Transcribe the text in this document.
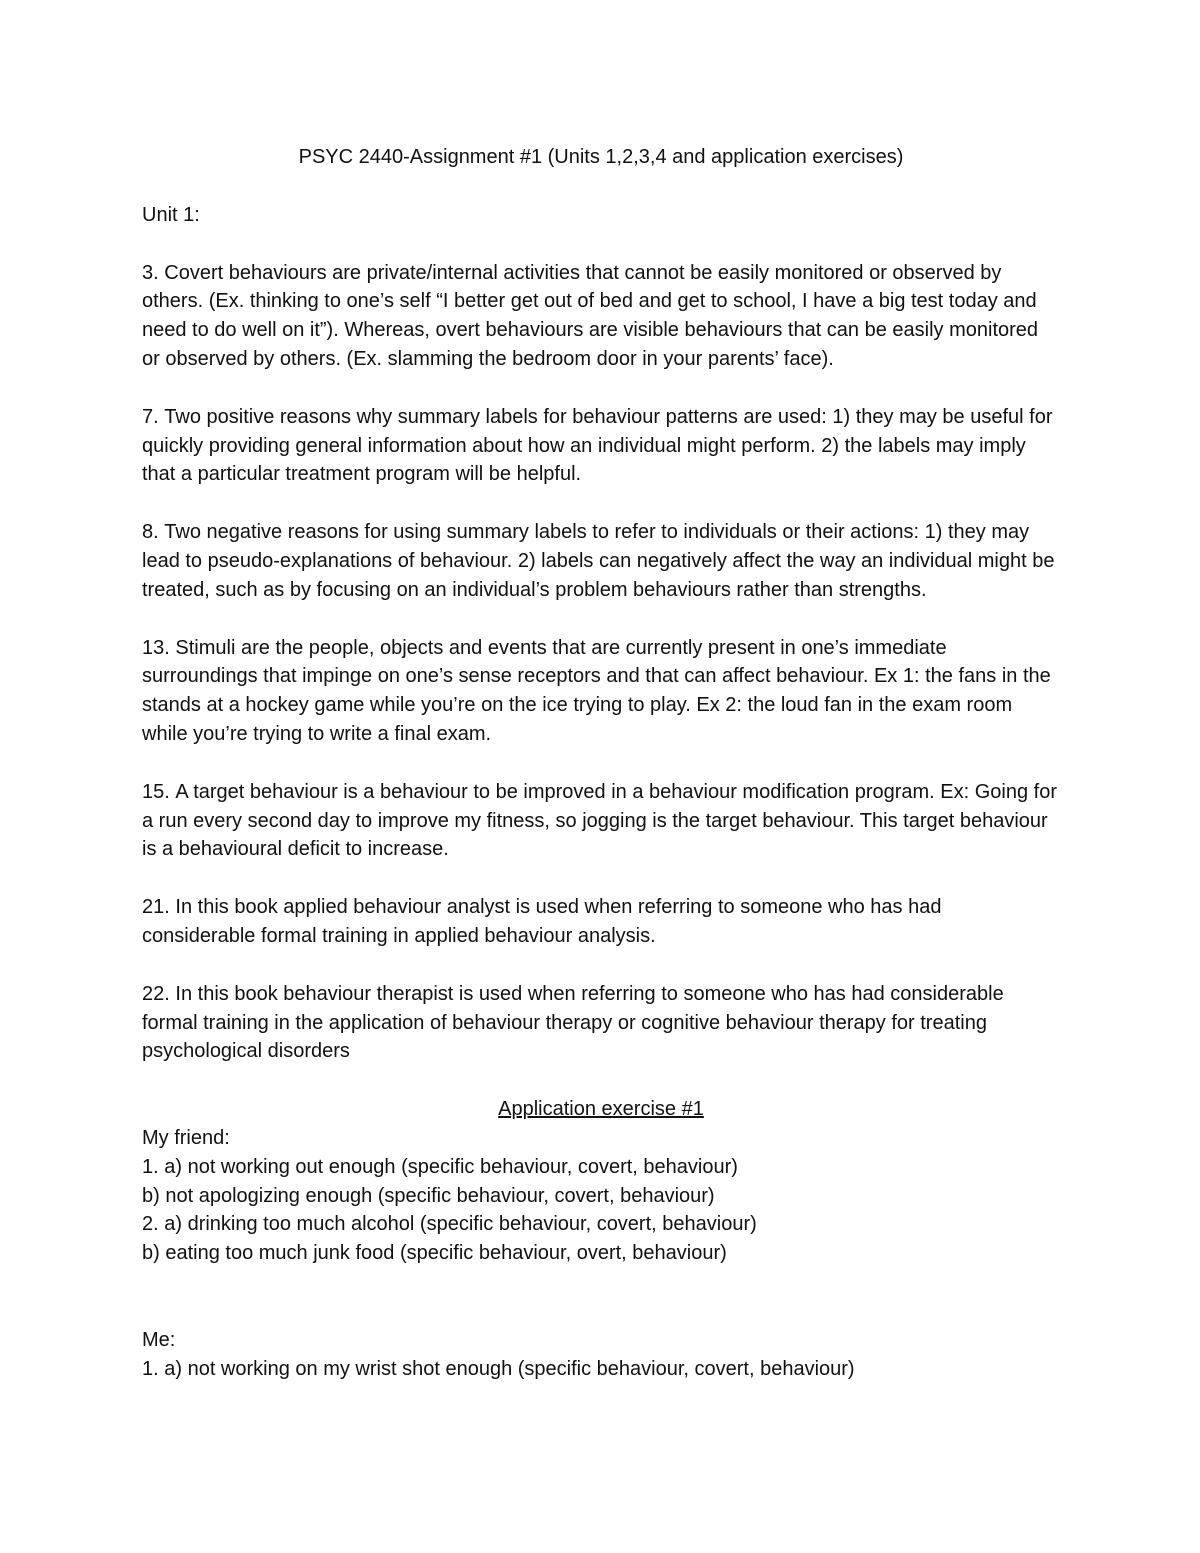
PSYC 2440-Assignment #1 (Units 1,2,3,4 and application exercises)

Unit 1:

3. Covert behaviours are private/internal activities that cannot be easily monitored or observed by others. (Ex. thinking to one’s self “I better get out of bed and get to school, I have a big test today and need to do well on it”). Whereas, overt behaviours are visible behaviours that can be easily monitored or observed by others. (Ex. slamming the bedroom door in your parents’ face).

7. Two positive reasons why summary labels for behaviour patterns are used: 1) they may be useful for quickly providing general information about how an individual might perform. 2) the labels may imply that a particular treatment program will be helpful.

8. Two negative reasons for using summary labels to refer to individuals or their actions: 1) they may lead to pseudo-explanations of behaviour. 2) labels can negatively affect the way an individual might be treated, such as by focusing on an individual’s problem behaviours rather than strengths.

13. Stimuli are the people, objects and events that are currently present in one’s immediate surroundings that impinge on one’s sense receptors and that can affect behaviour. Ex 1: the fans in the stands at a hockey game while you’re on the ice trying to play. Ex 2: the loud fan in the exam room while you’re trying to write a final exam.

15. A target behaviour is a behaviour to be improved in a behaviour modification program. Ex: Going for a run every second day to improve my fitness, so jogging is the target behaviour. This target behaviour is a behavioural deficit to increase.

21. In this book applied behaviour analyst is used when referring to someone who has had considerable formal training in applied behaviour analysis.

22. In this book behaviour therapist is used when referring to someone who has had considerable formal training in the application of behaviour therapy or cognitive behaviour therapy for treating psychological disorders

Application exercise #1

My friend:

1. a) not working out enough (specific behaviour, covert, behaviour)

b) not apologizing enough (specific behaviour, covert, behaviour)

2. a) drinking too much alcohol (specific behaviour, covert, behaviour)

b) eating too much junk food (specific behaviour, overt, behaviour)

Me:

1. a) not working on my wrist shot enough (specific behaviour, covert, behaviour)
